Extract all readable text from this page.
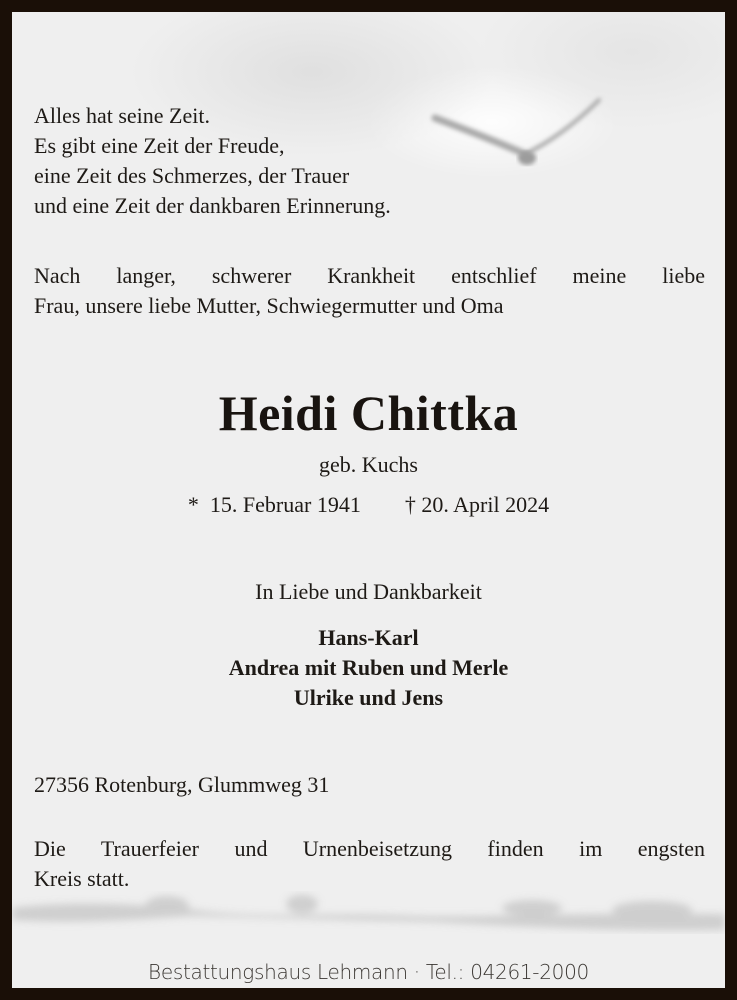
Alles hat seine Zeit.
Es gibt eine Zeit der Freude,
eine Zeit des Schmerzes, der Trauer
und eine Zeit der dankbaren Erinnerung.
Nach langer, schwerer Krankheit entschlief meine liebe
Frau, unsere liebe Mutter, Schwiegermutter und Oma
Heidi Chittka
geb. Kuchs
* 15. Februar 1941 † 20. April 2024
In Liebe und Dankbarkeit
Hans-Karl
Andrea mit Ruben und Merle
Ulrike und Jens
27356 Rotenburg, Glummweg 31
Die Trauerfeier und Urnenbeisetzung finden im engsten
Kreis statt.
Bestattungshaus Lehmann · Tel.: 04261-2000
